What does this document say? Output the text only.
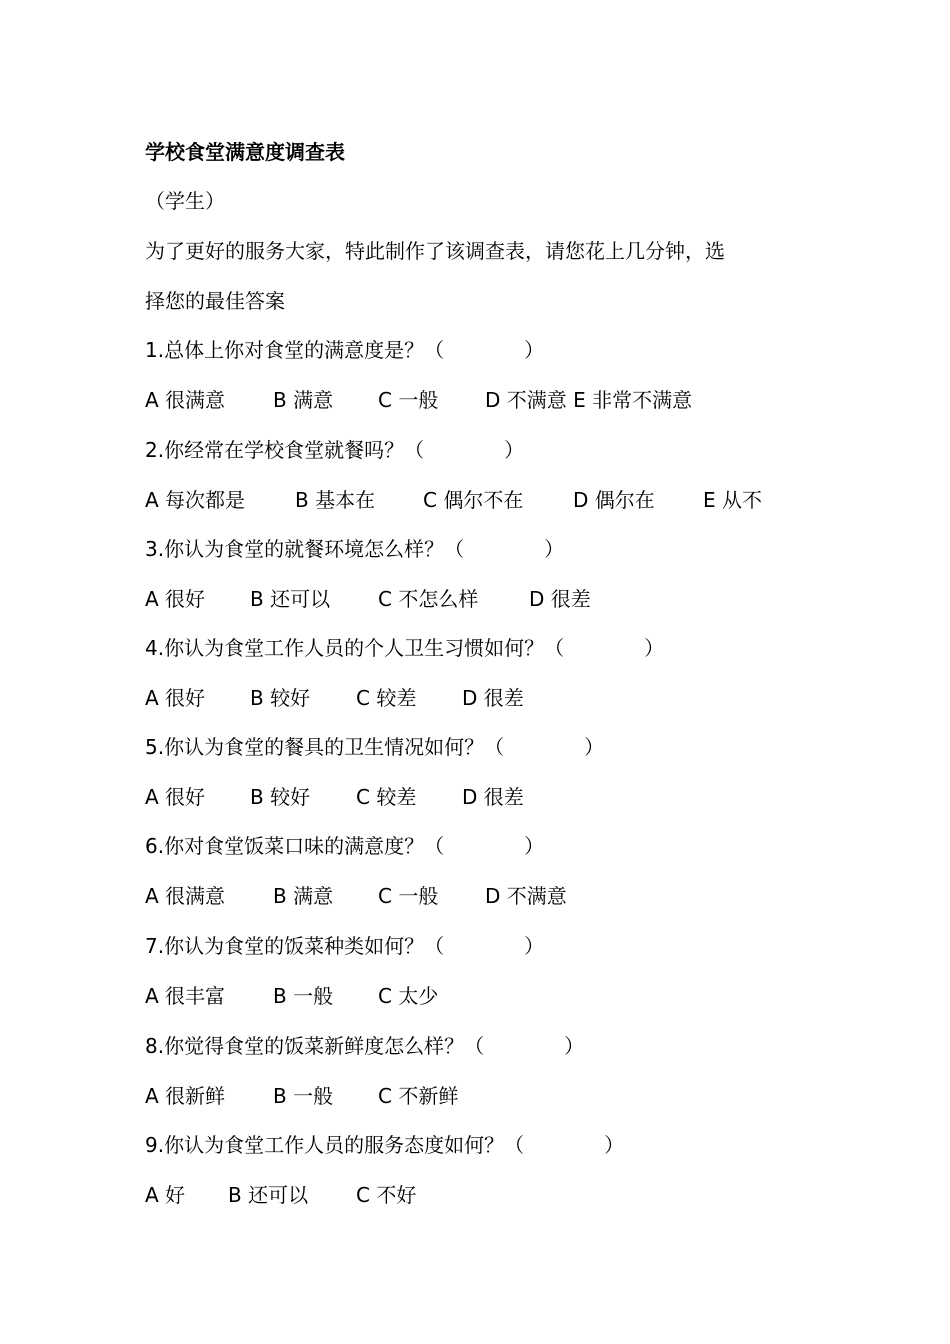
学校食堂满意度调查表
（学生）
为了更好的服务大家，特此制作了该调查表，请您花上几分钟，选
择您的最佳答案
1.总体上你对食堂的满意度是？（　　　　）
A 很满意 B 满意 C 一般 D 不满意 E 非常不满意
2.你经常在学校食堂就餐吗？（　　　　）
A 每次都是 B 基本在 C 偶尔不在 D 偶尔在 E 从不
3.你认为食堂的就餐环境怎么样？（　　　　）
A 很好 B 还可以 C 不怎么样	D 很差
4.你认为食堂工作人员的个人卫生习惯如何？（　　　　）
A 很好 B 较好 C 较差 D 很差
5.你认为食堂的餐具的卫生情况如何？（　　　　）
A 很好 B 较好 C 较差 D 很差
6.你对食堂饭菜口味的满意度？（　　　　）
A 很满意 B 满意 C 一般 D 不满意
7.你认为食堂的饭菜种类如何？（　　　　）
A 很丰富 B 一般 C 太少
8.你觉得食堂的饭菜新鲜度怎么样？（　　　　）
A 很新鲜 B 一般 C 不新鲜
9.你认为食堂工作人员的服务态度如何？（　　　　）
A 好 B 还可以 C 不好
